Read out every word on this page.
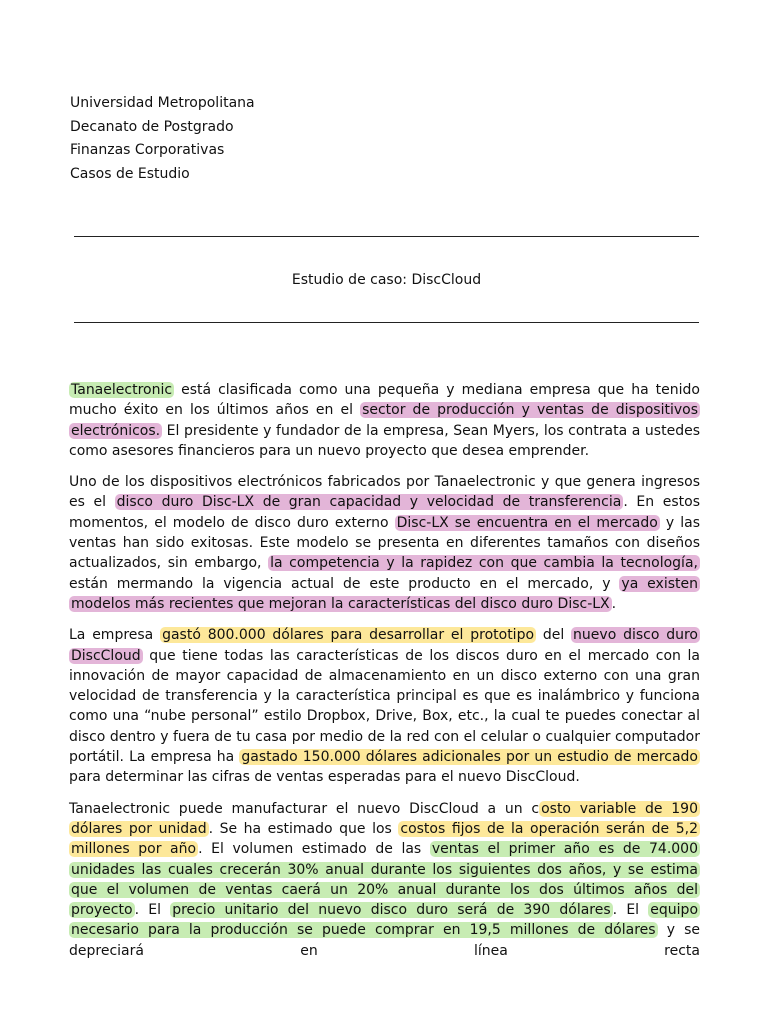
Universidad Metropolitana
Decanato de Postgrado
Finanzas Corporativas
Casos de Estudio
Estudio de caso: DiscCloud

Tanaelectronic está clasificada como una pequeña y mediana empresa que ha tenido mucho éxito en los últimos años en el sector de producción y ventas de dispositivos electrónicos. El presidente y fundador de la empresa, Sean Myers, los contrata a ustedes como asesores financieros para un nuevo proyecto que desea emprender.

Uno de los dispositivos electrónicos fabricados por Tanaelectronic y que genera ingresos es el disco duro Disc-LX de gran capacidad y velocidad de transferencia . En estos momentos, el modelo de disco duro externo Disc-LX se encuentra en el mercado y las ventas han sido exitosas. Este modelo se presenta en diferentes tamaños con diseños actualizados, sin embargo, la competencia y la rapidez con que cambia la tecnología, están mermando la vigencia actual de este producto en el mercado, y ya existen modelos más recientes que mejoran la características del disco duro Disc-LX .

La empresa gastó 800.000 dólares para desarrollar el prototipo del nuevo disco duro DiscCloud que tiene todas las características de los discos duro en el mercado con la innovación de mayor capacidad de almacenamiento en un disco externo con una gran velocidad de transferencia y la característica principal es que es inalámbrico y funciona como una “nube personal” estilo Dropbox, Drive, Box, etc., la cual te puedes conectar al disco dentro y fuera de tu casa por medio de la red con el celular o cualquier computador portátil. La empresa ha gastado 150.000 dólares adicionales por un estudio de mercado para determinar las cifras de ventas esperadas para el nuevo DiscCloud.

Tanaelectronic puede manufacturar el nuevo DiscCloud a un c osto variable de 190 dólares por unidad . Se ha estimado que los costos fijos de la operación serán de 5,2 millones por año . El volumen estimado de las ventas el primer año es de 74.000 unidades las cuales crecerán 30% anual durante los siguientes dos años, y se estima que el volumen de ventas caerá un 20% anual durante los dos últimos años del proyecto . El precio unitario del nuevo disco duro será de 390 dólares . El equipo necesario para la producción se puede comprar en 19,5 millones de dólares y se depreciará en línea recta
